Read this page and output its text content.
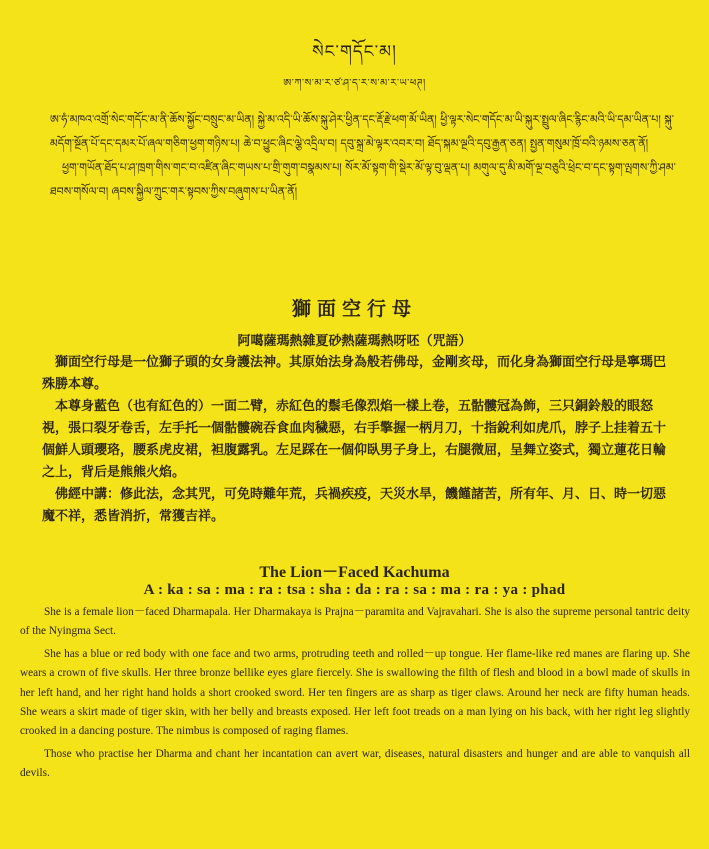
སེང་གདོང་མ།
ཨ་ཀ་ས་མ་ར་ཙ་ཤ་ད་ར་ས་མ་ར་ཡ་ཕཊ།

ཨ་ཧཾ་མཁའ་འགྲོ་སེང་གདོང་མ་ནི་ཆོས་སྐྱོང་བསྲུང་མ་ཡིན། སྐྱེ་མ་འདི་ཡི་ཆོས་སྐུ་ཤེར་ཕྱིན་དང་རྡོ་རྗེ་ཕག་མོ་ཡིན། ཕྱི་ལྟར་སེང་གདོང་མ་ཡི་སྐུར་སྤྲུལ་ཞིང་རྙིང་མའི་ཡི་དམ་ཡིན་པ། སྐུ་མདོག་སྔོན་པོ་དང་དམར་པོ་ཞལ་གཅིག་ཕྱག་གཉིས་པ། ཆེ་བ་ཕྱུང་ཞིང་ལྕེ་འདྲིལ་བ། དབུ་སྐྲ་མེ་ལྟར་འབར་བ། ཐོད་སྐམ་ལྔའི་དབུ་རྒྱན་ཅན། སྤྱན་གསུམ་ཁྲོ་བའི་ཉམས་ཅན་ནོ།

ཕྱག་གཡོན་ཐོད་པ་ཤ་ཁྲག་གིས་གང་བ་འཛིན་ཞིང་གཡས་པ་གྲི་གུག་བསྣམས་པ། སོར་མོ་སྟག་གི་སྡེར་མོ་ལྟ་བུ་ལྡན་པ། མགུལ་དུ་མི་མགོ་ལྔ་བཅུའི་ཕྲེང་བ་དང་སྟག་ལྤགས་ཀྱི་ཤམ་ཐབས་གསོལ་བ། ཞབས་སྐྱིལ་ཀྲུང་གར་སྟབས་ཀྱིས་བཞུགས་པ་ཡིན་ནོ།

獅面空行母
阿噶薩瑪熱雜夏砂熱薩瑪熱呀呸（咒語）

獅面空行母是一位獅子頭的女身護法神。其原始法身為般若佛母，金剛亥母，而化身為獅面空行母是寧瑪巴殊勝本尊。

本尊身藍色（也有紅色的）一面二臂，赤紅色的鬃毛像烈焰一樣上卷，五骷髏冠為飾，三只銅鈴般的眼怒視，張口裂牙卷舌，左手托一個骷髏碗吞食血肉穢惡，右手擎握一柄月刀，十指銳利如虎爪，脖子上挂着五十個鮮人頭瓔珞，腰系虎皮裙，袒腹露乳。左足踩在一個仰臥男子身上，右腿微屈，呈舞立姿式，獨立蓮花日輪之上，背后是熊熊火焰。

佛經中講：修此法，念其咒，可免時難年荒，兵禍疾疫，天災水旱，饑饉諸苦，所有年、月、日、時一切惡魔不祥，悉皆消折，常獲吉祥。

The Lion－Faced Kachuma
A : ka : sa : ma : ra : tsa : sha : da : ra : sa : ma : ra : ya : phad

She is a female lion－faced Dharmapala. Her Dharmakaya is Prajna－paramita and Vajravahari. She is also the supreme personal tantric deity of the Nyingma Sect.

She has a blue or red body with one face and two arms, protruding teeth and rolled－up tongue. Her flame-like red manes are flaring up. She wears a crown of five skulls. Her three bronze bellike eyes glare fiercely. She is swallowing the filth of flesh and blood in a bowl made of skulls in her left hand, and her right hand holds a short crooked sword. Her ten fingers are as sharp as tiger claws. Around her neck are fifty human heads. She wears a skirt made of tiger skin, with her belly and breasts exposed. Her left foot treads on a man lying on his back, with her right leg slightly crooked in a dancing posture. The nimbus is composed of raging flames.

Those who practise her Dharma and chant her incantation can avert war, diseases, natural disasters and hunger and are able to vanquish all devils.
